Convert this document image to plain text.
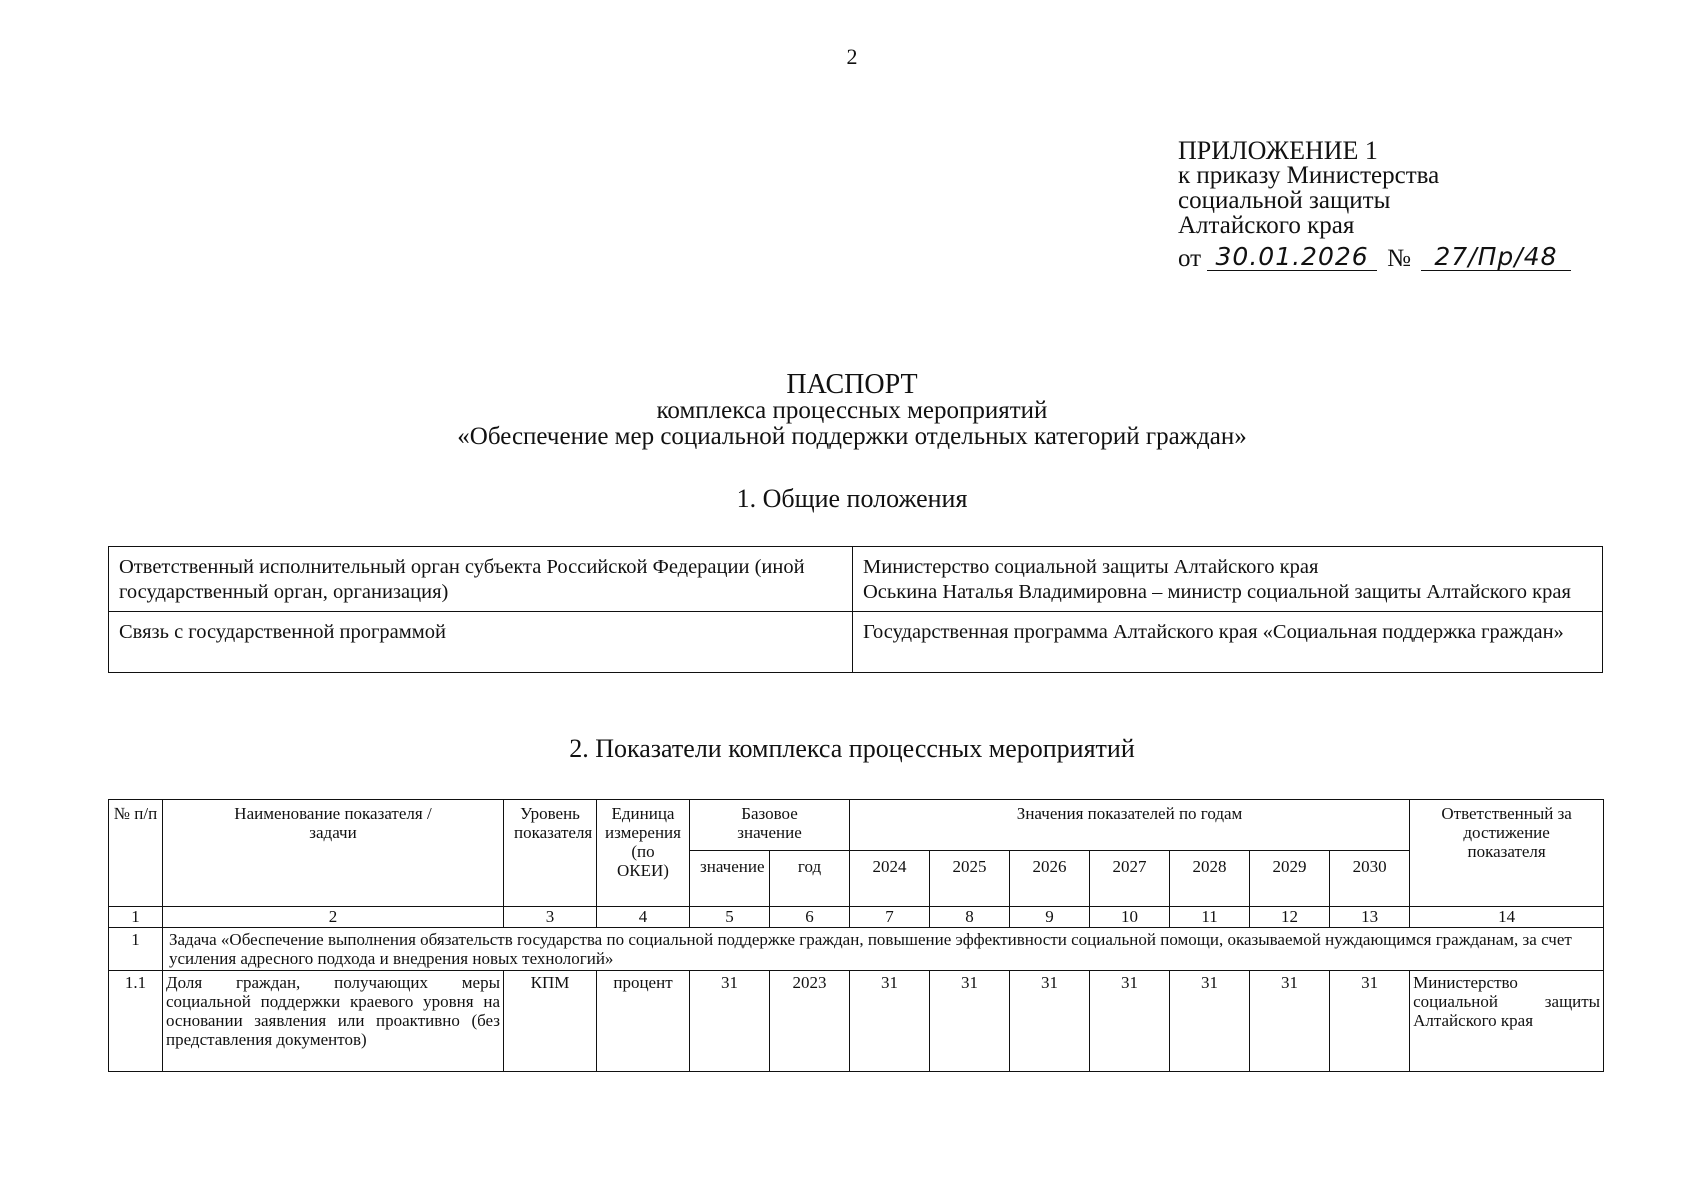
2
ПРИЛОЖЕНИЕ 1
к приказу Министерства
социальной защиты
Алтайского края
от 30.01.2026 № 27/Пр/48
ПАСПОРТ
комплекса процессных мероприятий
«Обеспечение мер социальной поддержки отдельных категорий граждан»
1. Общие положения
Ответственный исполнительный орган субъекта Российской Федерации (иной государственный орган, организация)	Министерство социальной защиты Алтайского края
Оськина Наталья Владимировна – министр социальной защиты Алтайского края

Связь с государственной программой	Государственная программа Алтайского края «Социальная поддержка граждан»
2. Показатели комплекса процессных мероприятий
№ п/п	Наименование показателя / задачи	Уровень показателя	Единица измерения (по ОКЕИ)	Базовое значение		Значения показателей по годам							Ответственный за достижение показателя
				значение	год	2024	2025	2026	2027	2028	2029	2030	
1	2	3	4	5	6	7	8	9	10	11	12	13	14
1	Задача «Обеспечение выполнения обязательств государства по социальной поддержке граждан, повышение эффективности социальной помощи, оказываемой нуждающимся гражданам, за счет усиления адресного подхода и внедрения новых технологий»												
1.1	Доля граждан, получающих меры социальной поддержки краевого уровня на основании заявления или проактивно (без представления документов)	КПМ	процент	31	2023	31	31	31	31	31	31	31	Министерство социальной защиты Алтайского края
